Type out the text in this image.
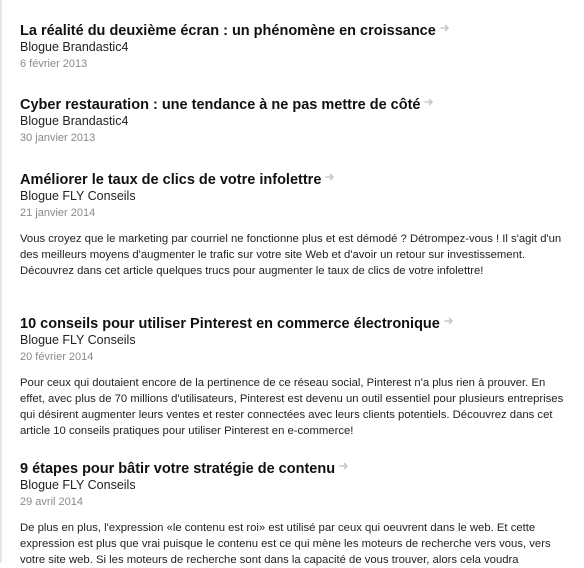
La réalité du deuxième écran : un phénomène en croissance
Blogue Brandastic4
6 février 2013
Cyber restauration : une tendance à ne pas mettre de côté
Blogue Brandastic4
30 janvier 2013
Améliorer le taux de clics de votre infolettre
Blogue FLY Conseils
21 janvier 2014

Vous croyez que le marketing par courriel ne fonctionne plus et est démodé ? Détrompez-vous ! Il s'agit d'un des meilleurs moyens d'augmenter le trafic sur votre site Web et d'avoir un retour sur investissement. Découvrez dans cet article quelques trucs pour augmenter le taux de clics de votre infolettre!

10 conseils pour utiliser Pinterest en commerce électronique
Blogue FLY Conseils
20 février 2014

Pour ceux qui doutaient encore de la pertinence de ce réseau social, Pinterest n'a plus rien à prouver. En effet, avec plus de 70 millions d'utilisateurs, Pinterest est devenu un outil essentiel pour plusieurs entreprises qui désirent augmenter leurs ventes et rester connectées avec leurs clients potentiels. Découvrez dans cet article 10 conseils pratiques pour utiliser Pinterest en e-commerce!

9 étapes pour bâtir votre stratégie de contenu
Blogue FLY Conseils
29 avril 2014

De plus en plus, l'expression «le contenu est roi» est utilisé par ceux qui oeuvrent dans le web. Et cette expression est plus que vrai puisque le contenu est ce qui mène les moteurs de recherche vers vous, vers votre site web. Si les moteurs de recherche sont dans la capacité de vous trouver, alors cela voudra
